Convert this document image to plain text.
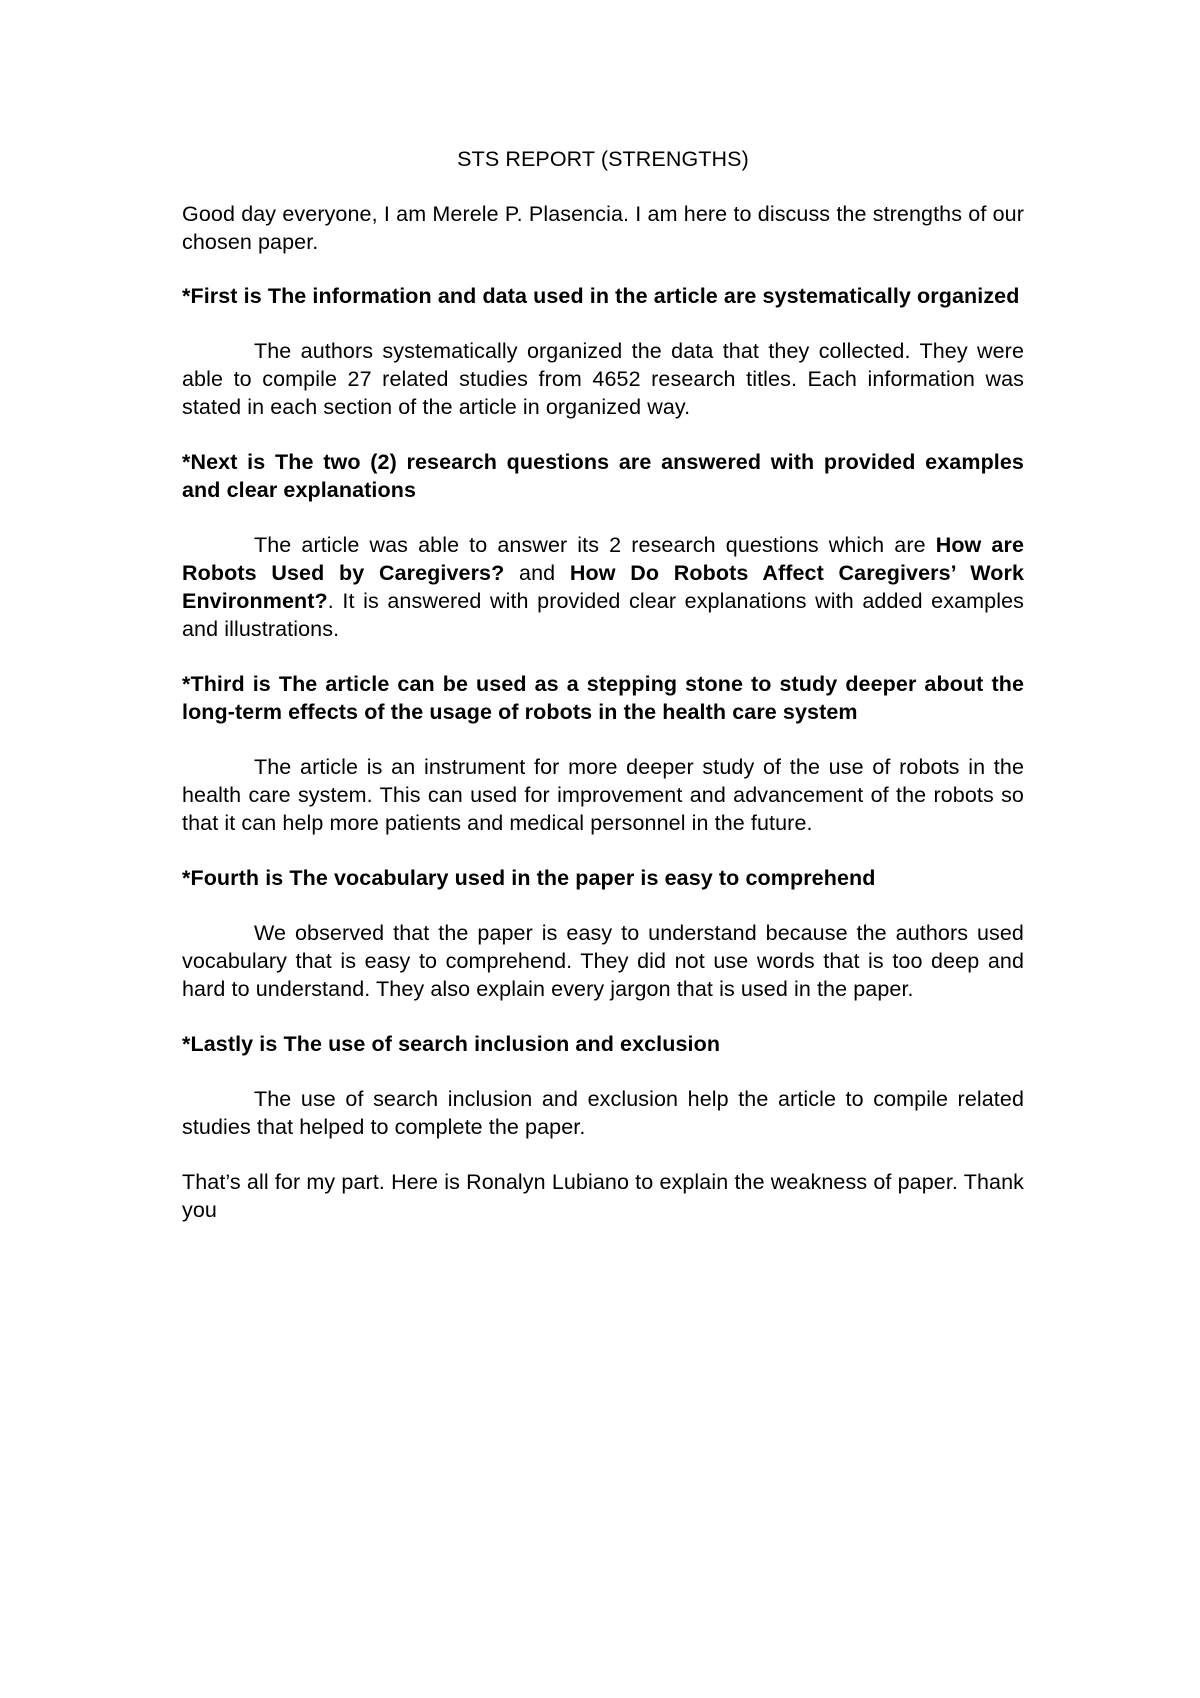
STS REPORT (STRENGTHS)

Good day everyone, I am Merele P. Plasencia. I am here to discuss the strengths of our chosen paper.

*First is The information and data used in the article are systematically organized

The authors systematically organized the data that they collected. They were able to compile 27 related studies from 4652 research titles. Each information was stated in each section of the article in organized way.

*Next is The two (2) research questions are answered with provided examples and clear explanations

The article was able to answer its 2 research questions which are How are Robots Used by Caregivers? and How Do Robots Affect Caregivers’ Work Environment?. It is answered with provided clear explanations with added examples and illustrations.

*Third is The article can be used as a stepping stone to study deeper about the long-term effects of the usage of robots in the health care system

The article is an instrument for more deeper study of the use of robots in the health care system. This can used for improvement and advancement of the robots so that it can help more patients and medical personnel in the future.

*Fourth is The vocabulary used in the paper is easy to comprehend

We observed that the paper is easy to understand because the authors used vocabulary that is easy to comprehend. They did not use words that is too deep and hard to understand. They also explain every jargon that is used in the paper.

*Lastly is The use of search inclusion and exclusion

The use of search inclusion and exclusion help the article to compile related studies that helped to complete the paper.

That’s all for my part. Here is Ronalyn Lubiano to explain the weakness of paper. Thank you
